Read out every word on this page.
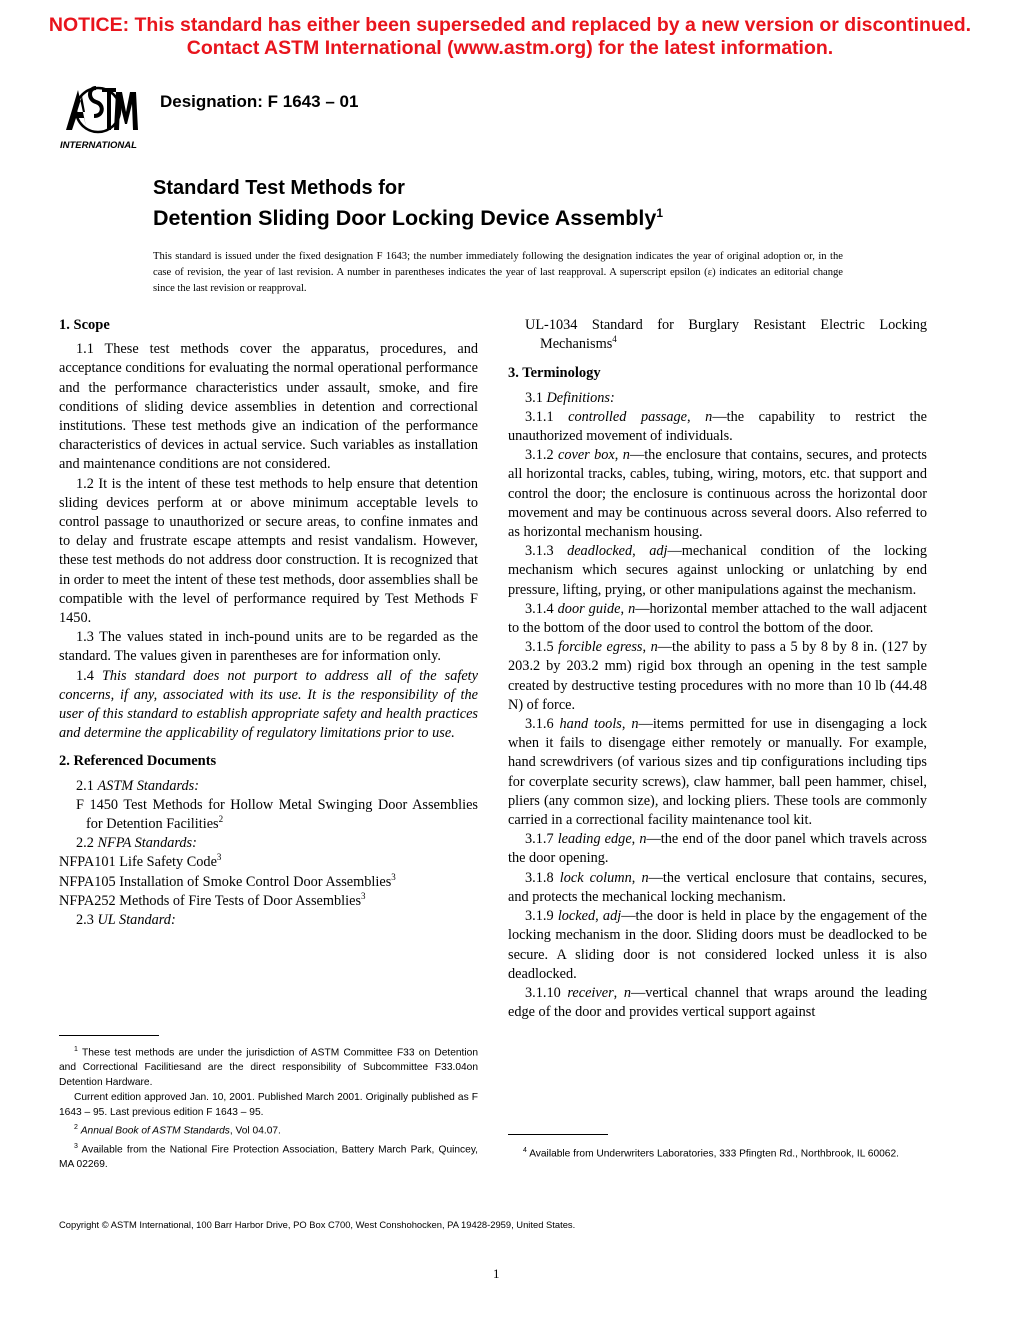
NOTICE: This standard has either been superseded and replaced by a new version or discontinued.
Contact ASTM International (www.astm.org) for the latest information.
INTERNATIONAL
Designation: F 1643 – 01
Standard Test Methods for
Detention Sliding Door Locking Device Assembly$^1$
This standard is issued under the fixed designation F 1643; the number immediately following the designation indicates the year of original adoption or, in the case of revision, the year of last revision. A number in parentheses indicates the year of last reapproval. A superscript epsilon (ε) indicates an editorial change since the last revision or reapproval.
1. Scope

1.1 These test methods cover the apparatus, procedures, and acceptance conditions for evaluating the normal operational performance and the performance characteristics under assault, smoke, and fire conditions of sliding device assemblies in detention and correctional institutions. These test methods give an indication of the performance characteristics of devices in actual service. Such variables as installation and maintenance conditions are not considered.

1.2 It is the intent of these test methods to help ensure that detention sliding devices perform at or above minimum acceptable levels to control passage to unauthorized or secure areas, to confine inmates and to delay and frustrate escape attempts and resist vandalism. However, these test methods do not address door construction. It is recognized that in order to meet the intent of these test methods, door assemblies shall be compatible with the level of performance required by Test Methods F 1450.

1.3 The values stated in inch-pound units are to be regarded as the standard. The values given in parentheses are for information only.

1.4 This standard does not purport to address all of the safety concerns, if any, associated with its use. It is the responsibility of the user of this standard to establish appropriate safety and health practices and determine the applicability of regulatory limitations prior to use.

2. Referenced Documents

2.1 ASTM Standards:

F 1450 Test Methods for Hollow Metal Swinging Door Assemblies for Detention Facilities$^2$

2.2 NFPA Standards:

NFPA101 Life Safety Code$^3$

NFPA105 Installation of Smoke Control Door Assemblies$^3$

NFPA252 Methods of Fire Tests of Door Assemblies$^3$

2.3 UL Standard:

$^1$ These test methods are under the jurisdiction of ASTM Committee F33 on Detention and Correctional Facilitiesand are the direct responsibility of Subcommittee F33.04on Detention Hardware.

Current edition approved Jan. 10, 2001. Published March 2001. Originally published as F 1643 – 95. Last previous edition F 1643 – 95.

$^2$ Annual Book of ASTM Standards, Vol 04.07.

$^3$ Available from the National Fire Protection Association, Battery March Park, Quincey, MA 02269.

UL-1034 Standard for Burglary Resistant Electric Locking Mechanisms$^4$

3. Terminology

3.1 Definitions:

3.1.1 controlled passage, n—the capability to restrict the unauthorized movement of individuals.

3.1.2 cover box, n—the enclosure that contains, secures, and protects all horizontal tracks, cables, tubing, wiring, motors, etc. that support and control the door; the enclosure is continuous across the horizontal door movement and may be continuous across several doors. Also referred to as horizontal mechanism housing.

3.1.3 deadlocked, adj—mechanical condition of the locking mechanism which secures against unlocking or unlatching by end pressure, lifting, prying, or other manipulations against the mechanism.

3.1.4 door guide, n—horizontal member attached to the wall adjacent to the bottom of the door used to control the bottom of the door.

3.1.5 forcible egress, n—the ability to pass a 5 by 8 by 8 in. (127 by 203.2 by 203.2 mm) rigid box through an opening in the test sample created by destructive testing procedures with no more than 10 lb (44.48 N) of force.

3.1.6 hand tools, n—items permitted for use in disengaging a lock when it fails to disengage either remotely or manually. For example, hand screwdrivers (of various sizes and tip configurations including tips for coverplate security screws), claw hammer, ball peen hammer, chisel, pliers (any common size), and locking pliers. These tools are commonly carried in a correctional facility maintenance tool kit.

3.1.7 leading edge, n—the end of the door panel which travels across the door opening.

3.1.8 lock column, n—the vertical enclosure that contains, secures, and protects the mechanical locking mechanism.

3.1.9 locked, adj—the door is held in place by the engagement of the locking mechanism in the door. Sliding doors must be deadlocked to be secure. A sliding door is not considered locked unless it is also deadlocked.

3.1.10 receiver, n—vertical channel that wraps around the leading edge of the door and provides vertical support against

$^4$ Available from Underwriters Laboratories, 333 Pfingten Rd., Northbrook, IL 60062.

Copyright © ASTM International, 100 Barr Harbor Drive, PO Box C700, West Conshohocken, PA 19428-2959, United States.
1
